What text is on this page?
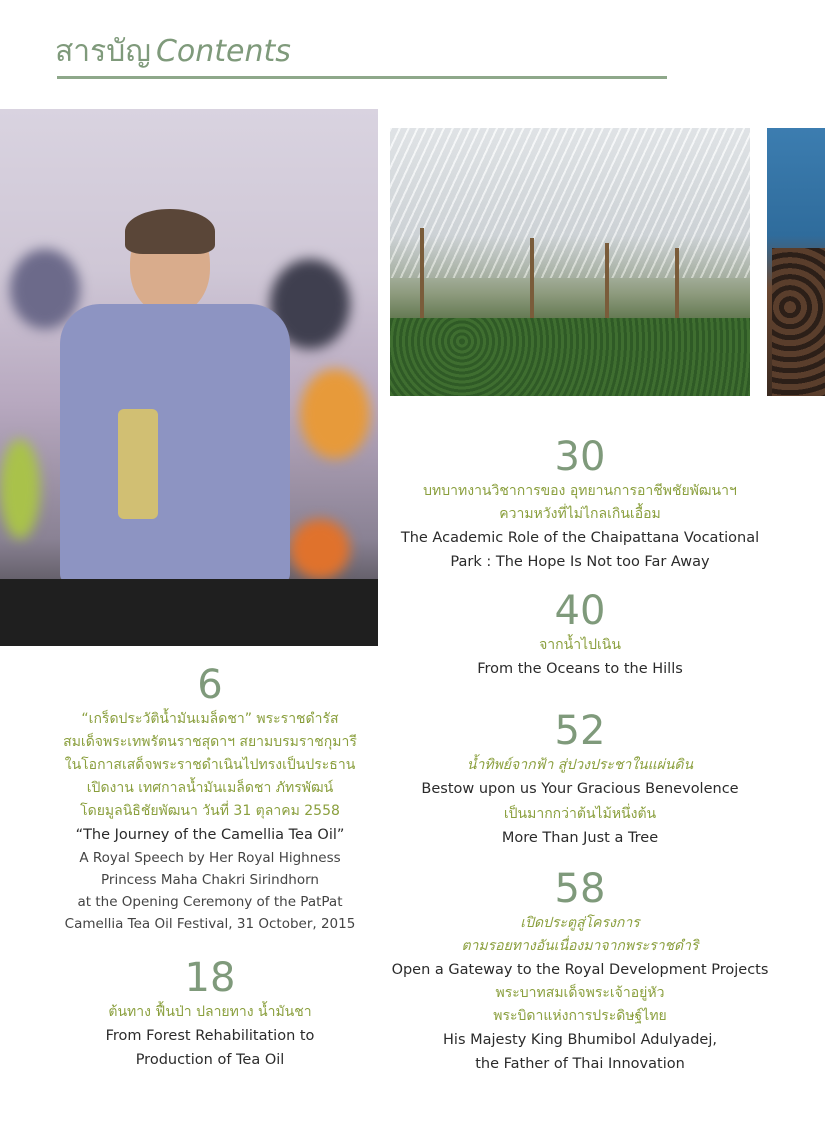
สารบัญ Contents
6
“เกร็ดประวัติน้ำมันเมล็ดชา” พระราชดำรัส
สมเด็จพระเทพรัตนราชสุดาฯ สยามบรมราชกุมารี
ในโอกาสเสด็จพระราชดำเนินไปทรงเป็นประธาน
เปิดงาน เทศกาลน้ำมันเมล็ดชา ภัทรพัฒน์
โดยมูลนิธิชัยพัฒนา วันที่ 31 ตุลาคม 2558
“The Journey of the Camellia Tea Oil”
A Royal Speech by Her Royal Highness
Princess Maha Chakri Sirindhorn
at the Opening Ceremony of the PatPat
Camellia Tea Oil Festival, 31 October, 2015
18
ต้นทาง ฟื้นป่า ปลายทาง น้ำมันชา
From Forest Rehabilitation to
Production of Tea Oil
30
บทบาทงานวิชาการของ อุทยานการอาชีพชัยพัฒนาฯ
ความหวังที่ไม่ไกลเกินเอื้อม
The Academic Role of the Chaipattana Vocational
Park : The Hope Is Not too Far Away
40
จากน้ำไปเนิน
From the Oceans to the Hills
52
น้ำทิพย์จากฟ้า สู่ปวงประชาในแผ่นดิน
Bestow upon us Your Gracious Benevolence
เป็นมากกว่าต้นไม้หนึ่งต้น
More Than Just a Tree
58
เปิดประตูสู่โครงการ
ตามรอยทางอันเนื่องมาจากพระราชดำริ
Open a Gateway to the Royal Development Projects
พระบาทสมเด็จพระเจ้าอยู่หัว
พระบิดาแห่งการประดิษฐ์ไทย
His Majesty King Bhumibol Adulyadej,
the Father of Thai Innovation
